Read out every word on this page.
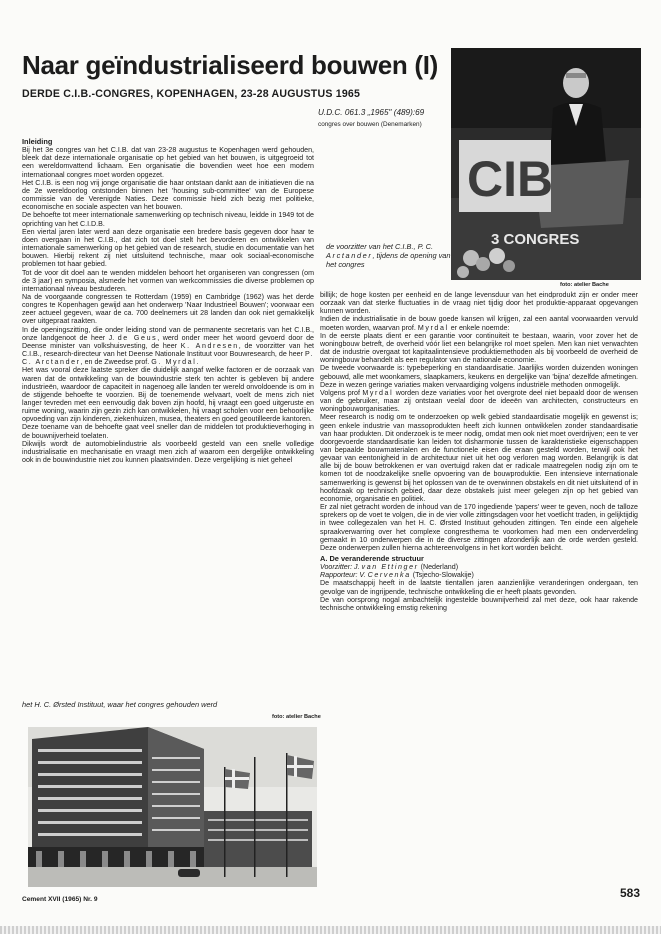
Naar geïndustrialiseerd bouwen (I)
DERDE C.I.B.-CONGRES, KOPENHAGEN, 23-28 AUGUSTUS 1965
U.D.C. 061.3 „1965" (489):69
congres over bouwen (Denemarken)
CIB
3 CONGRES
de voorzitter van het C.I.B., P. C. Arctander, tijdens de opening van het congres
foto: atelier Bache
Inleiding

Bij het 3e congres van het C.I.B. dat van 23-28 augustus te Kopenhagen werd gehouden, bleek dat deze internationale organisatie op het gebied van het bouwen, is uitgegroeid tot een wereldomvattend lichaam. Een organisatie die bovendien weet hoe een modern internationaal congres moet worden opgezet.

Het C.I.B. is een nog vrij jonge organisatie die haar ontstaan dankt aan de initiatieven die na de 2e wereldoorlog ontstonden binnen het 'housing sub-committee' van de Europese commissie van de Verenigde Naties. Deze commissie hield zich bezig met politieke, economische en sociale aspecten van het bouwen.

De behoefte tot meer internationale samenwerking op technisch niveau, leidde in 1949 tot de oprichting van het C.I.D.B.

Een viertal jaren later werd aan deze organisatie een bredere basis gegeven door haar te doen overgaan in het C.I.B., dat zich tot doel stelt het bevorderen en ontwikkelen van internationale samenwerking op het gebied van de research, studie en documentatie van het bouwen. Hierbij rekent zij niet uitsluitend technische, maar ook sociaal-economische problemen tot haar gebied.

Tot de voor dit doel aan te wenden middelen behoort het organiseren van congressen (om de 3 jaar) en symposia, alsmede het vormen van werkcommissies die diverse problemen op internationaal niveau bestuderen.

Na de voorgaande congressen te Rotterdam (1959) en Cambridge (1962) was het derde congres te Kopenhagen gewijd aan het onderwerp 'Naar Industrieel Bouwen'; voorwaar een zeer actueel gegeven, waar de ca. 700 deelnemers uit 28 landen dan ook niet gemakkelijk over uitgepraat raakten.

In de openingszitting, die onder leiding stond van de permanente secretaris van het C.I.B., onze landgenoot de heer J. de Geus, werd onder meer het woord gevoerd door de Deense minister van volkshuisvesting, de heer K. Andresen, de voorzitter van het C.I.B., research-directeur van het Deense Nationale Instituut voor Bouwresearch, de heer P. C. Arctander, en de Zweedse prof. G. Myrdal.

Het was vooral deze laatste spreker die duidelijk aangaf welke factoren er de oorzaak van waren dat de ontwikkeling van de bouwindustrie sterk ten achter is gebleven bij andere industrieën, waardoor de capaciteit in nagenoeg alle landen ter wereld onvoldoende is om in de stijgende behoefte te voorzien. Bij de toenemende welvaart, voelt de mens zich niet langer tevreden met een eenvoudig dak boven zijn hoofd, hij vraagt een goed uitgeruste en ruime woning, waarin zijn gezin zich kan ontwikkelen, hij vraagt scholen voor een behoorlijke opvoeding van zijn kinderen, ziekenhuizen, musea, theaters en goed geoutilleerde kantoren.

Deze toename van de behoefte gaat veel sneller dan de middelen tot produktieverhoging in de bouwnijverheid toelaten.

Dikwijls wordt de automobielindustrie als voorbeeld gesteld van een snelle volledige industrialisatie en mechanisatie en vraagt men zich af waarom een dergelijke ontwikkeling ook in de bouwindustrie niet zou kunnen plaatsvinden. Deze vergelijking is niet geheel

billijk; de hoge kosten per eenheid en de lange levensduur van het eindprodukt zijn er onder meer oorzaak van dat sterke fluctuaties in de vraag niet tijdig door het produktie-apparaat opgevangen kunnen worden.

Indien de industrialisatie in de bouw goede kansen wil krijgen, zal een aantal voorwaarden vervuld moeten worden, waarvan prof. Myrdal er enkele noemde:

In de eerste plaats dient er een garantie voor continuiteit te bestaan, waarin, voor zover het de woningbouw betreft, de overheid vóór liet een belangrijke rol moet spelen. Men kan niet verwachten dat de industrie overgaat tot kapitaalintensieve produktiemethoden als bij voorbeeld de overheid de woningbouw behandelt als een regulator van de nationale economie.

De tweede voorwaarde is: typebeperking en standaardisatie. Jaarlijks worden duizenden woningen gebouwd, alle met woonkamers, slaapkamers, keukens en dergelijke van 'bijna' dezelfde afmetingen. Deze in wezen geringe variaties maken vervaardiging volgens industriële methoden onmogelijk.

Volgens prof Myrdal worden deze variaties voor het overgrote deel niet bepaald door de wensen van de gebruiker, maar zij ontstaan veelal door de ideeën van architecten, constructeurs en woningbouworganisaties.

Meer research is nodig om te onderzoeken op welk gebied standaardisatie mogelijk en gewenst is; geen enkele industrie van massoprodukten heeft zich kunnen ontwikkelen zonder standaardisatie van haar produkten. Dit onderzoek is te meer nodig, omdat men ook niet moet overdrijven; een te ver doorgevoerde standaardisatie kan leiden tot disharmonie tussen de karakteristieke eigenschappen van bepaalde bouwmaterialen en de functionele eisen die eraan gesteld worden, terwijl ook het gevaar van eentonigheid in de architectuur niet uit het oog verloren mag worden. Belangrijk is dat alle bij de bouw betrokkenen er van overtuigd raken dat er radicale maatregelen nodig zijn om te komen tot de noodzakelijke snelle opvoering van de bouwproduktie. Een intensieve internationale samenwerking is gewenst bij het oplossen van de te overwinnen obstakels en dit niet uitsluitend of in hoofdzaak op technisch gebied, daar deze obstakels juist meer gelegen zijn op het gebied van economie, organisatie en politiek.

Er zal niet getracht worden de inhoud van de 170 ingediende 'papers' weer te geven, noch de talloze sprekers op de voet te volgen, die in de vier volle zittingsdagen voor het voetlicht traden, in gelijktijdig in twee collegezalen van het H. C. Ørsted Instituut gehouden zittingen. Ten einde een algehele spraakverwarring over het complexe congresthema te voorkomen had men een onderverdeling gemaakt in 10 onderwerpen die in de diverse zittingen afzonderlijk aan de orde werden gesteld. Deze onderwerpen zullen hierna achtereenvolgens in het kort worden belicht.

A. De veranderende structuur

Voorzitter: J. van Ettinger (Nederland)

Rapporteur: V. Cervenka (Tsjecho-Slowakije)

De maatschappij heeft in de laatste tientallen jaren aanzienlijke veranderingen ondergaan, ten gevolge van de ingrijpende, technische ontwikkeling die er heeft plaats gevonden.

De van oorsprong nogal ambachtelijk ingestelde bouwnijverheid zal met deze, ook haar rakende technische ontwikkeling ernstig rekening

het H. C. Ørsted Instituut, waar het congres gehouden werd
foto: atelier Bache
Cement XVII (1965) Nr. 9	583
